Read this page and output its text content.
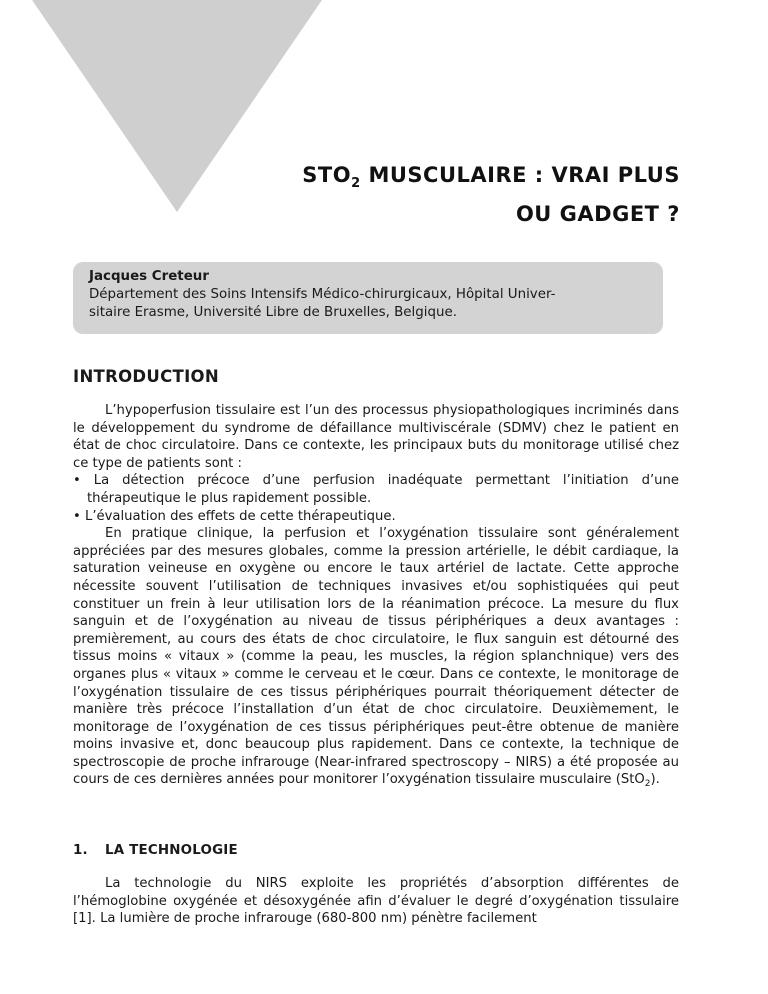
$STO_2$ MUSCULAIRE : VRAI PLUS
OU GADGET ?
Jacques Creteur
Département des Soins Intensifs Médico-chirurgicaux, Hôpital Univer-
sitaire Erasme, Université Libre de Bruxelles, Belgique.
INTRODUCTION

L’hypoperfusion tissulaire est l’un des processus physiopathologiques incriminés dans le développement du syndrome de défaillance multiviscérale (SDMV) chez le patient en état de choc circulatoire. Dans ce contexte, les principaux buts du monitorage utilisé chez ce type de patients sont :

• La détection précoce d’une perfusion inadéquate permettant l’initiation d’une thérapeutique le plus rapidement possible.

• L’évaluation des effets de cette thérapeutique.

En pratique clinique, la perfusion et l’oxygénation tissulaire sont généralement appréciées par des mesures globales, comme la pression artérielle, le débit cardiaque, la saturation veineuse en oxygène ou encore le taux artériel de lactate. Cette approche nécessite souvent l’utilisation de techniques invasives et/ou sophistiquées qui peut constituer un frein à leur utilisation lors de la réanimation précoce. La mesure du flux sanguin et de l’oxygénation au niveau de tissus périphériques a deux avantages : premièrement, au cours des états de choc circulatoire, le flux sanguin est détourné des tissus moins « vitaux » (comme la peau, les muscles, la région splanchnique) vers des organes plus « vitaux » comme le cerveau et le cœur. Dans ce contexte, le monitorage de l’oxygénation tissulaire de ces tissus périphériques pourrait théoriquement détecter de manière très précoce l’installation d’un état de choc circulatoire. Deuxièmement, le monitorage de l’oxygénation de ces tissus périphériques peut-être obtenue de manière moins invasive et, donc beaucoup plus rapidement. Dans ce contexte, la technique de spectroscopie de proche infrarouge (Near-infrared spectroscopy – NIRS) a été proposée au cours de ces dernières années pour monitorer l’oxygénation tissulaire musculaire (StO$_2$).

1. LA TECHNOLOGIE

La technologie du NIRS exploite les propriétés d’absorption différentes de l’hémoglobine oxygénée et désoxygénée afin d’évaluer le degré d’oxygénation tissulaire [1]. La lumière de proche infrarouge (680-800 nm) pénètre facilement
